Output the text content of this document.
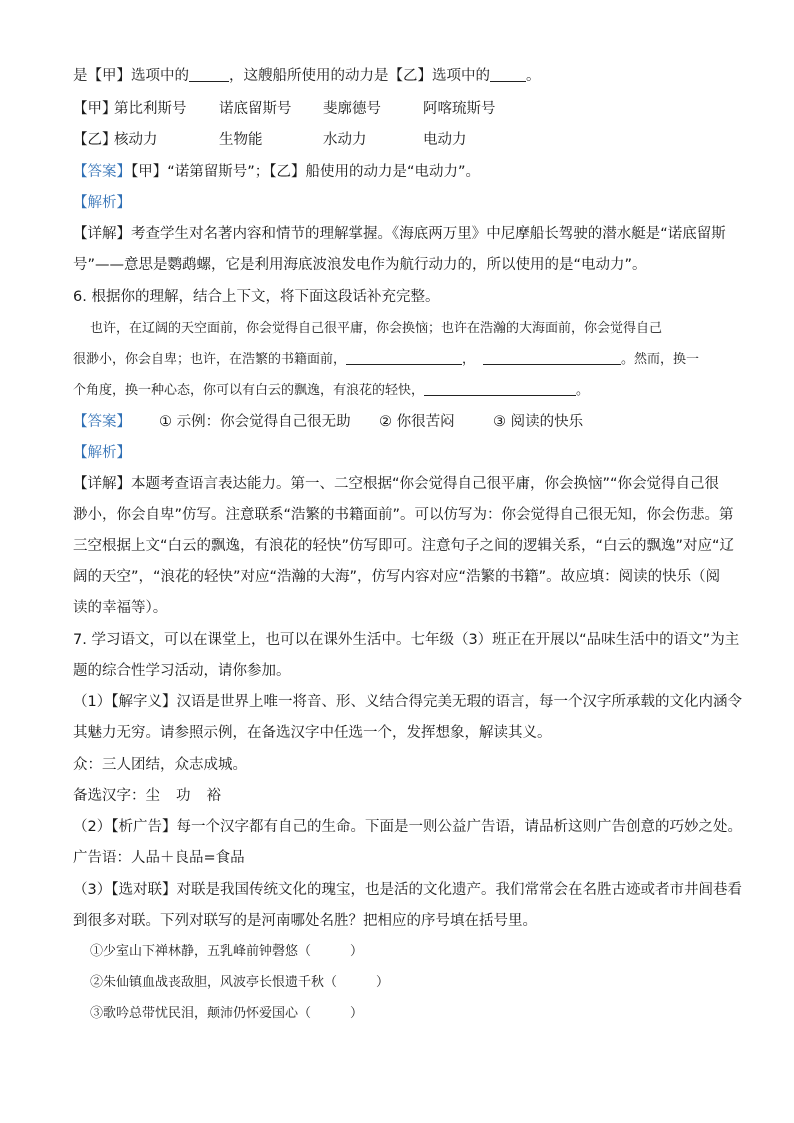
是【甲】选项中的	，这艘船所使用的动力是【乙】选项中的 。
【甲】
第比利斯号 诺底留斯号 斐廓德号	阿喀琉斯号
【乙】
核动力	生物能	水动力	电动力
【答案】【甲】“诺第留斯号”；【乙】船使用的动力是“电动力”。
【解析】
【详解】考查学生对名著内容和情节的理解掌握。《海底两万里》中尼摩船长驾驶的潜水艇是“诺底留斯
号”——意思是鹦鹉螺，它是利用海底波浪发电作为航行动力的，所以使用的是“电动力”。
6. 根据你的理解，结合上下文，将下面这段话补充完整。
也许，在辽阔的天空面前，你会觉得自己很平庸，你会换恼；也许在浩瀚的大海面前，你会觉得自己
很渺小，你会自卑；也许，在浩繁的书籍面前，	，	。然而，换一
个角度，换一种心态，你可以有白云的飘逸，有浪花的轻快，	。
【答案】 ① 示例：你会觉得自己很无助 ② 你很苦闷	③ 阅读的快乐
【解析】
【详解】本题考查语言表达能力。第一、二空根据“你会觉得自己很平庸，你会换恼”“你会觉得自己很
渺小，你会自卑”仿写。注意联系“浩繁的书籍面前”。可以仿写为：你会觉得自己很无知，你会伤悲。第
三空根据上文“白云的飘逸，有浪花的轻快”仿写即可。注意句子之间的逻辑关系，“白云的飘逸”对应“辽
阔的天空”，“浪花的轻快”对应“浩瀚的大海”，仿写内容对应“浩繁的书籍”。故应填：阅读的快乐（阅
读的幸福等）。
7. 学习语文，可以在课堂上，也可以在课外生活中。七年级（3）班正在开展以“品味生活中的语文”为主
题的综合性学习活动，请你参加。
（1）【解字义】汉语是世界上唯一将音、形、义结合得完美无瑕的语言，每一个汉字所承载的文化内涵令
其魅力无穷。请参照示例，在备选汉字中任选一个，发挥想象，解读其义。
众：三人团结，众志成城。
备选汉字：尘 功 裕
（2）【析广告】每一个汉字都有自己的生命。下面是一则公益广告语，请品析这则广告创意的巧妙之处。
广告语：人品＋良品=食品
（3）【选对联】对联是我国传统文化的瑰宝，也是活的文化遗产。我们常常会在名胜古迹或者市井闾巷看
到很多对联。下列对联写的是河南哪处名胜？把相应的序号填在括号里。
①少室山下禅林静，五乳峰前钟磬悠（　　　）
②朱仙镇血战丧敌胆，风波亭长恨遗千秋（　　　）
③歌吟总带忧民泪，颠沛仍怀爱国心（　　　）
